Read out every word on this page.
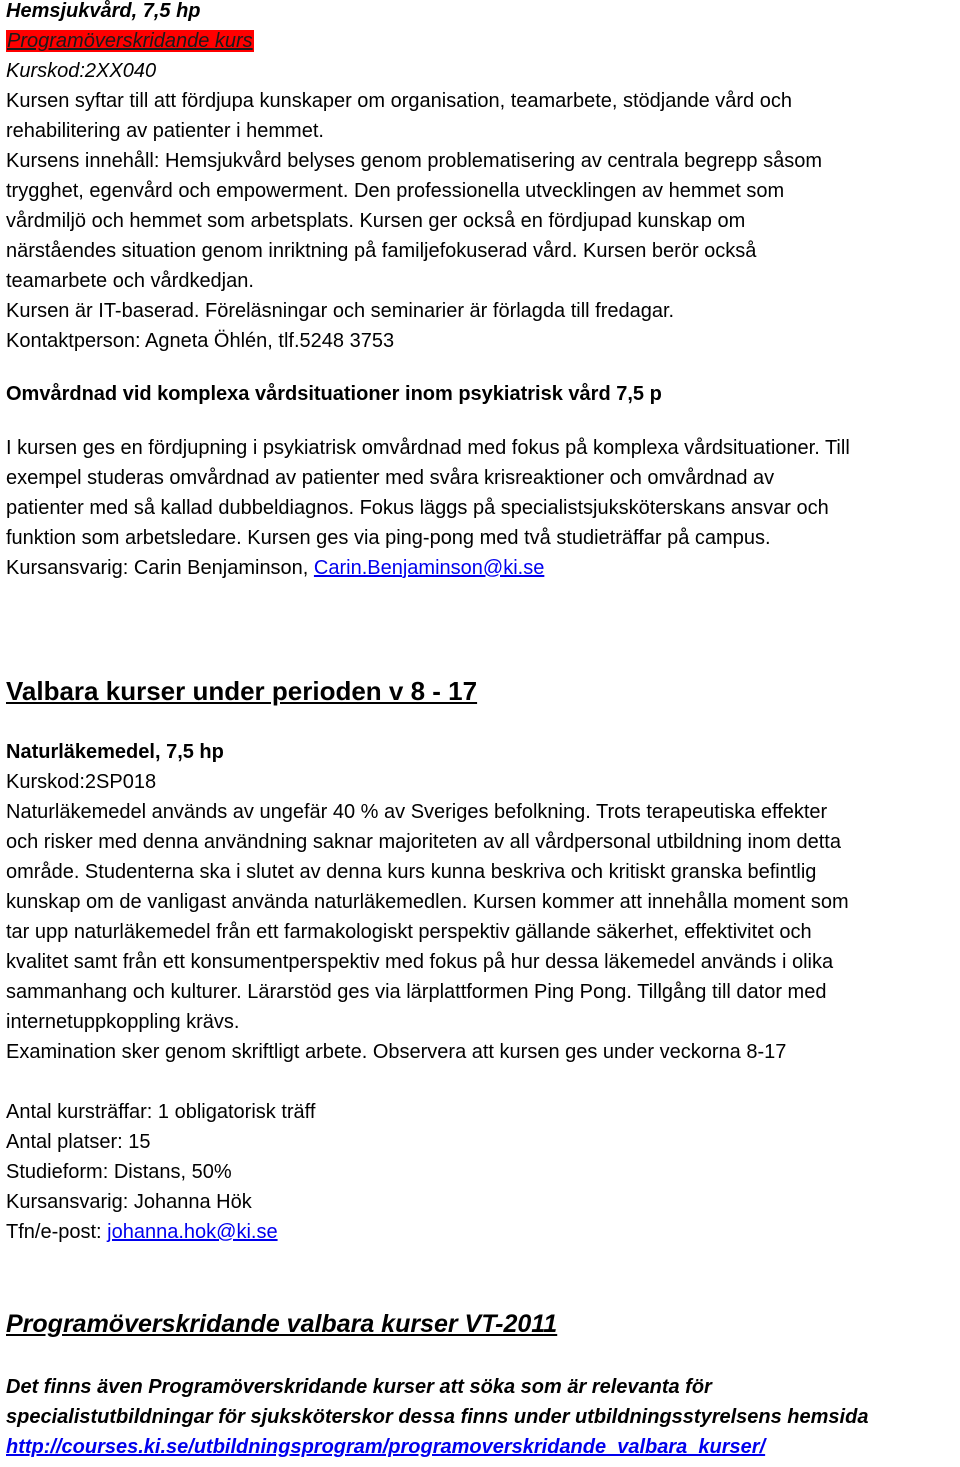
Hemsjukvård, 7,5 hp
Programöverskridande kurs
Kurskod:2XX040
Kursen syftar till att fördjupa kunskaper om organisation, teamarbete, stödjande vård och
rehabilitering av patienter i hemmet.
Kursens innehåll: Hemsjukvård belyses genom problematisering av centrala begrepp såsom
trygghet, egenvård och empowerment. Den professionella utvecklingen av hemmet som
vårdmiljö och hemmet som arbetsplats. Kursen ger också en fördjupad kunskap om
närståendes situation genom inriktning på familjefokuserad vård. Kursen berör också
teamarbete och vårdkedjan.
Kursen är IT-baserad. Föreläsningar och seminarier är förlagda till fredagar.
Kontaktperson: Agneta Öhlén, tlf.5248 3753
Omvårdnad vid komplexa vårdsituationer inom psykiatrisk vård 7,5 p
I kursen ges en fördjupning i psykiatrisk omvårdnad med fokus på komplexa vårdsituationer. Till
exempel studeras omvårdnad av patienter med svåra krisreaktioner och omvårdnad av
patienter med så kallad dubbeldiagnos. Fokus läggs på specialistsjuksköterskans ansvar och
funktion som arbetsledare. Kursen ges via ping-pong med två studieträffar på campus.
Kursansvarig: Carin Benjaminson, Carin.Benjaminson@ki.se
Valbara kurser under perioden v 8 - 17
Naturläkemedel, 7,5 hp
Kurskod:2SP018
Naturläkemedel används av ungefär 40 % av Sveriges befolkning. Trots terapeutiska effekter
och risker med denna användning saknar majoriteten av all vårdpersonal utbildning inom detta
område. Studenterna ska i slutet av denna kurs kunna beskriva och kritiskt granska befintlig
kunskap om de vanligast använda naturläkemedlen. Kursen kommer att innehålla moment som
tar upp naturläkemedel från ett farmakologiskt perspektiv gällande säkerhet, effektivitet och
kvalitet samt från ett konsumentperspektiv med fokus på hur dessa läkemedel används i olika
sammanhang och kulturer. Lärarstöd ges via lärplattformen Ping Pong. Tillgång till dator med
internetuppkoppling krävs.
Examination sker genom skriftligt arbete. Observera att kursen ges under veckorna 8-17
Antal kursträffar: 1 obligatorisk träff
Antal platser: 15
Studieform: Distans, 50%
Kursansvarig: Johanna Hök
Tfn/e-post: johanna.hok@ki.se
Programöverskridande valbara kurser VT-2011
Det finns även Programöverskridande kurser att söka som är relevanta för
specialistutbildningar för sjuksköterskor dessa finns under utbildningsstyrelsens hemsida
http://courses.ki.se/utbildningsprogram/programoverskridande_valbara_kurser/
